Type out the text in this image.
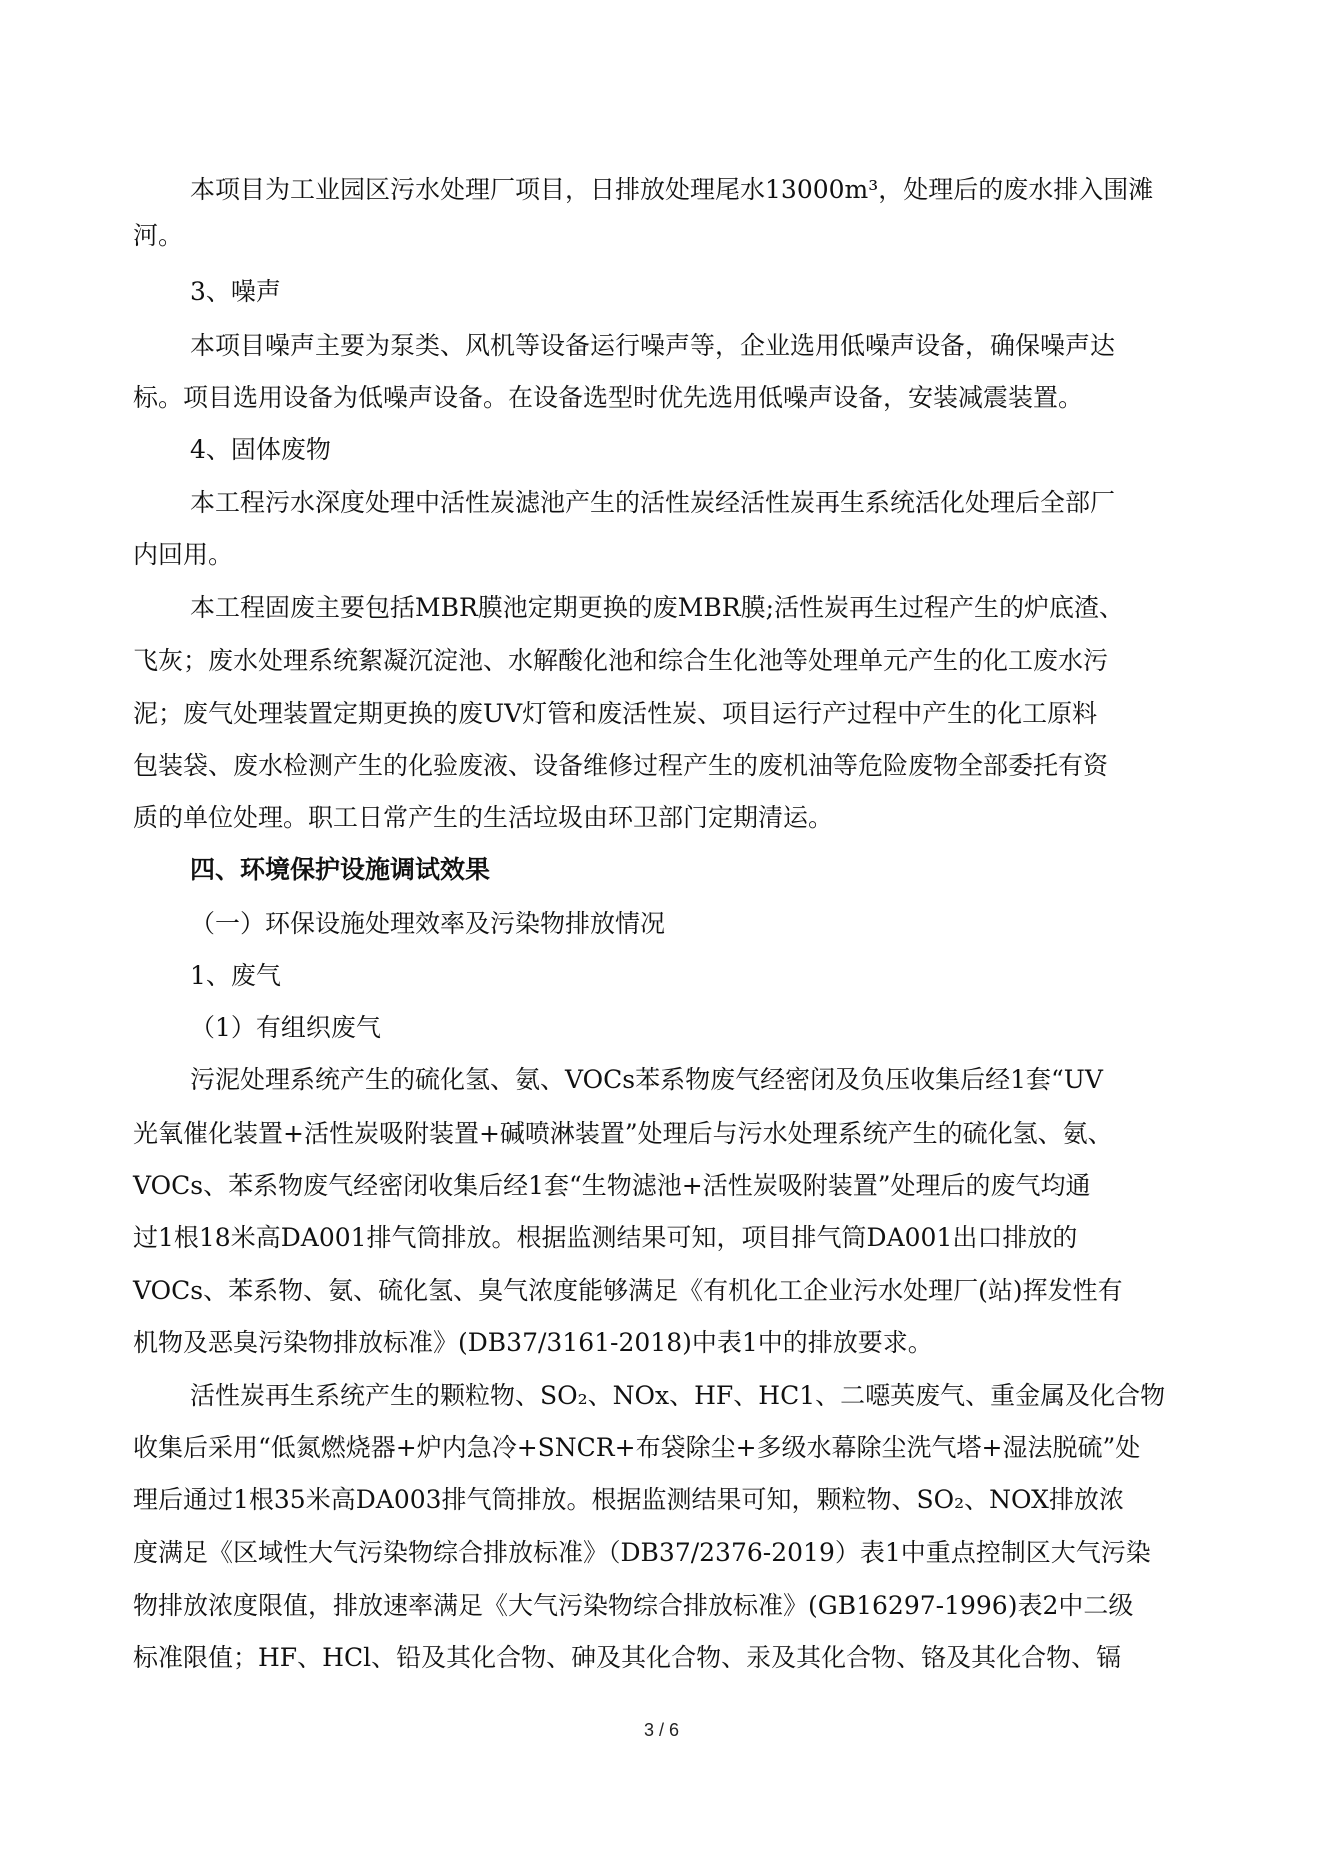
本项目为工业园区污水处理厂项目，日排放处理尾水13000m³，处理后的废水排入围滩
河。
3、噪声
本项目噪声主要为泵类、风机等设备运行噪声等，企业选用低噪声设备，确保噪声达
标。项目选用设备为低噪声设备。在设备选型时优先选用低噪声设备，安装减震装置。
4、固体废物
本工程污水深度处理中活性炭滤池产生的活性炭经活性炭再生系统活化处理后全部厂
内回用。
本工程固废主要包括MBR膜池定期更换的废MBR膜;活性炭再生过程产生的炉底渣、
飞灰；废水处理系统絮凝沉淀池、水解酸化池和综合生化池等处理单元产生的化工废水污
泥；废气处理装置定期更换的废UV灯管和废活性炭、项目运行产过程中产生的化工原料
包装袋、废水检测产生的化验废液、设备维修过程产生的废机油等危险废物全部委托有资
质的单位处理。职工日常产生的生活垃圾由环卫部门定期清运。
四、环境保护设施调试效果
（一）环保设施处理效率及污染物排放情况
1、废气
（1）有组织废气
污泥处理系统产生的硫化氢、氨、VOCs苯系物废气经密闭及负压收集后经1套“UV
光氧催化装置+活性炭吸附装置+碱喷淋装置”处理后与污水处理系统产生的硫化氢、氨、
VOCs、苯系物废气经密闭收集后经1套“生物滤池+活性炭吸附装置”处理后的废气均通
过1根18米高DA001排气筒排放。根据监测结果可知，项目排气筒DA001出口排放的
VOCs、苯系物、氨、硫化氢、臭气浓度能够满足《有机化工企业污水处理厂(站)挥发性有
机物及恶臭污染物排放标准》(DB37/3161-2018)中表1中的排放要求。
活性炭再生系统产生的颗粒物、SO₂、NOx、HF、HC1、二噁英废气、重金属及化合物
收集后采用“低氮燃烧器+炉内急冷+SNCR+布袋除尘+多级水幕除尘洗气塔+湿法脱硫”处
理后通过1根35米高DA003排气筒排放。根据监测结果可知，颗粒物、SO₂、NOX排放浓
度满足《区域性大气污染物综合排放标准》（DB37/2376-2019）表1中重点控制区大气污染
物排放浓度限值，排放速率满足《大气污染物综合排放标准》(GB16297-1996)表2中二级
标准限值；HF、HCl、铅及其化合物、砷及其化合物、汞及其化合物、铬及其化合物、镉
3 / 6
